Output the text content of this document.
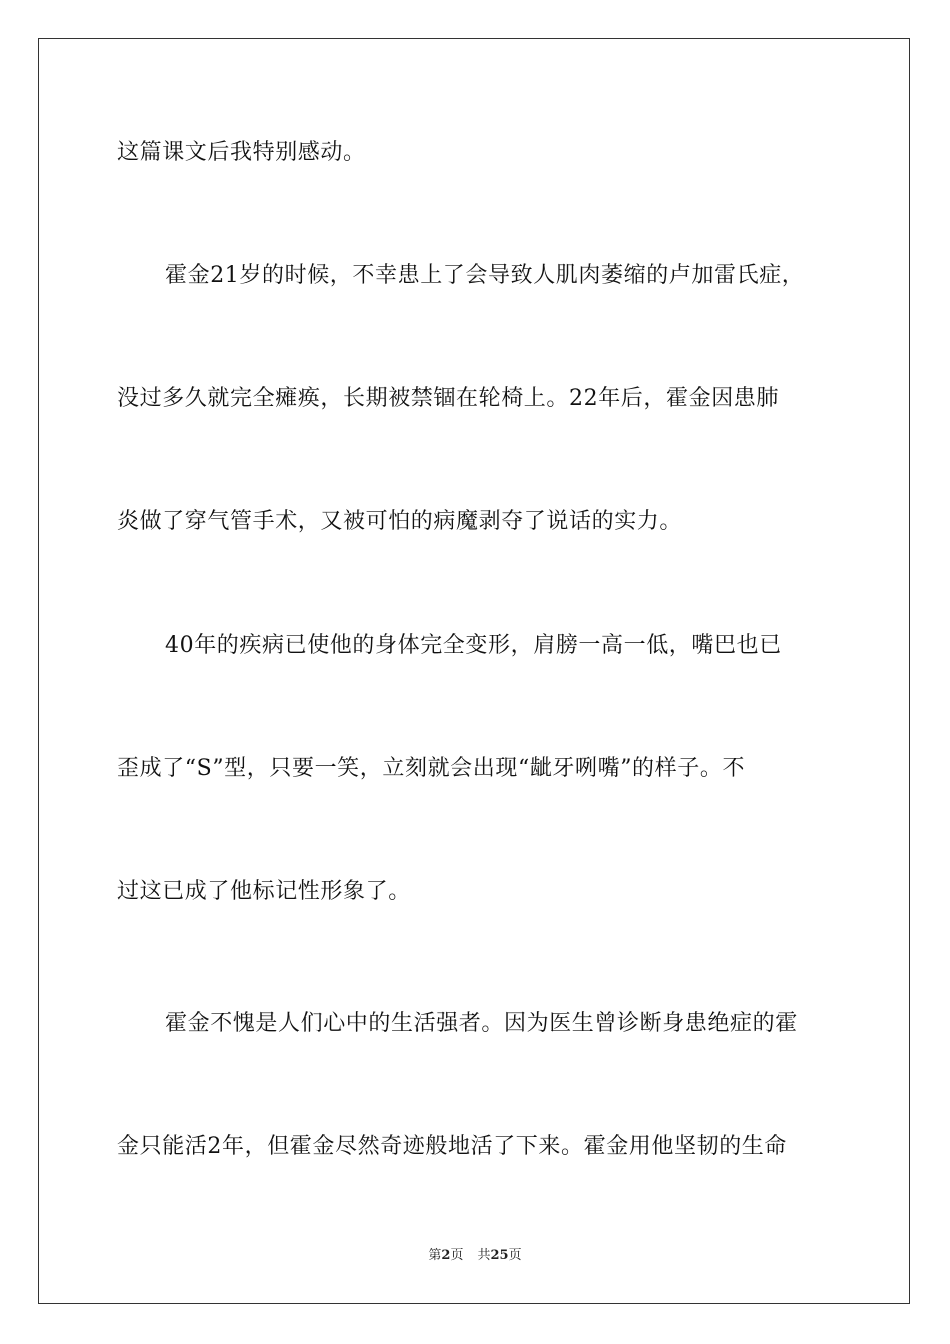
这篇课文后我特别感动。
霍金21岁的时候，不幸患上了会导致人肌肉萎缩的卢加雷氏症，
没过多久就完全瘫痪，长期被禁锢在轮椅上。22年后，霍金因患肺
炎做了穿气管手术，又被可怕的病魔剥夺了说话的实力。
40年的疾病已使他的身体完全变形，肩膀一高一低，嘴巴也已
歪成了“S”型，只要一笑，立刻就会出现“龇牙咧嘴”的样子。不
过这已成了他标记性形象了。
霍金不愧是人们心中的生活强者。因为医生曾诊断身患绝症的霍
金只能活2年，但霍金尽然奇迹般地活了下来。霍金用他坚韧的生命
第2页 共25页
